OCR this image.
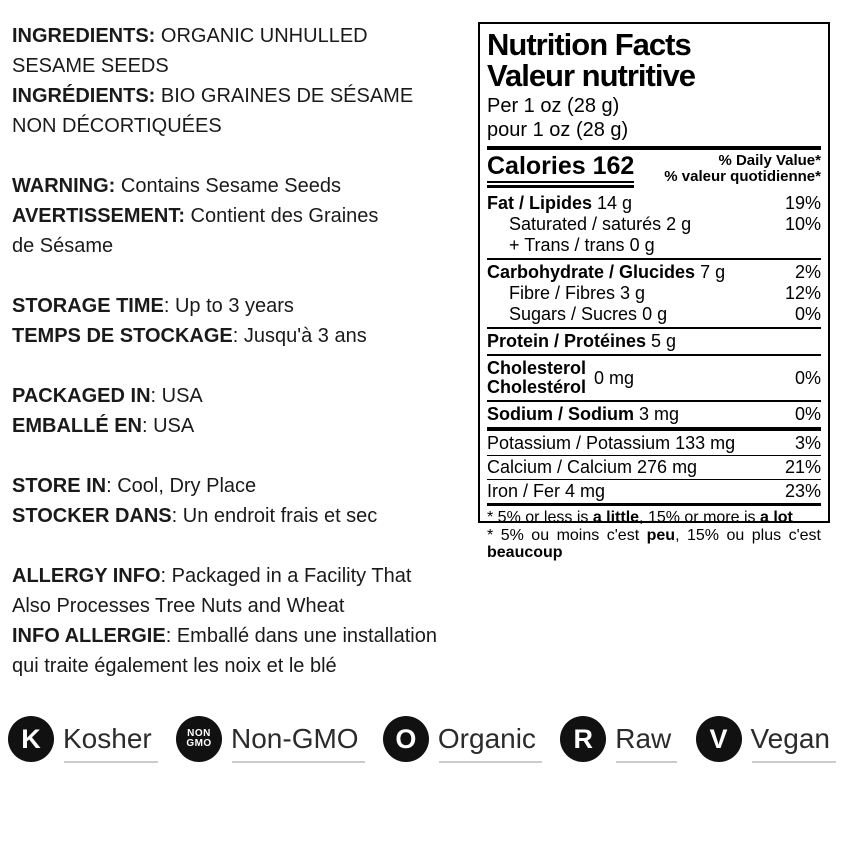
INGREDIENTS: ORGANIC UNHULLED
SESAME SEEDS
INGRÉDIENTS: BIO GRAINES DE SÉSAME
NON DÉCORTIQUÉES
WARNING: Contains Sesame Seeds
AVERTISSEMENT: Contient des Graines
de Sésame
STORAGE TIME: Up to 3 years
TEMPS DE STOCKAGE: Jusqu'à 3 ans
PACKAGED IN: USA
EMBALLÉ EN: USA
STORE IN: Cool, Dry Place
STOCKER DANS: Un endroit frais et sec
ALLERGY INFO: Packaged in a Facility That
Also Processes Tree Nuts and Wheat
INFO ALLERGIE: Emballé dans une installation
qui traite également les noix et le blé
Nutrition Facts
Valeur nutritive
Per 1 oz (28 g)
pour 1 oz (28 g)
Calories 162	% Daily Value*
% valeur quotidienne*
Fat / Lipides 14 g	19%
Saturated / saturés 2 g	10%
+ Trans / trans 0 g
Carbohydrate / Glucides 7 g	2%
Fibre / Fibres 3 g	12%
Sugars / Sucres 0 g	0%
Protein / Protéines 5 g
Cholesterol
Cholestérol 0 mg	0%
Sodium / Sodium 3 mg	0%
Potassium / Potassium 133 mg	3%
Calcium / Calcium 276 mg	21%
Iron / Fer 4 mg	23%
* 5% or less is a little, 15% or more is a lot
* 5% ou moins c'est peu, 15% ou plus c'est beaucoup
K Kosher	NON
GMO Non-GMO O Organic R Raw V Vegan
